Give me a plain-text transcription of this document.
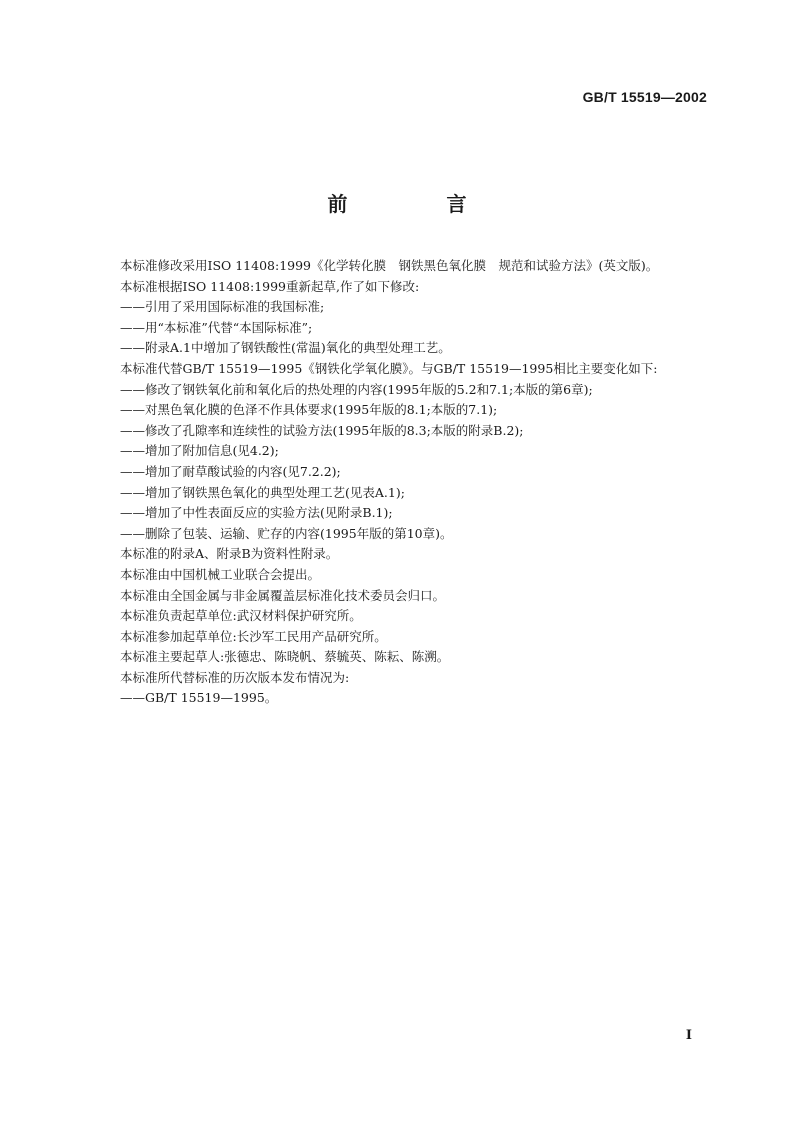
GB/T 15519—2002
前 言
本标准修改采用ISO 11408:1999《化学转化膜　钢铁黑色氧化膜　规范和试验方法》(英文版)。
本标准根据ISO 11408:1999重新起草,作了如下修改:
——引用了采用国际标准的我国标准;
——用“本标准”代替“本国际标准”;
——附录A.1中增加了钢铁酸性(常温)氧化的典型处理工艺。
本标准代替GB/T 15519—1995《钢铁化学氧化膜》。与GB/T 15519—1995相比主要变化如下:
——修改了钢铁氧化前和氧化后的热处理的内容(1995年版的5.2和7.1;本版的第6章);
——对黑色氧化膜的色泽不作具体要求(1995年版的8.1;本版的7.1);
——修改了孔隙率和连续性的试验方法(1995年版的8.3;本版的附录B.2);
——增加了附加信息(见4.2);
——增加了耐草酸试验的内容(见7.2.2);
——增加了钢铁黑色氧化的典型处理工艺(见表A.1);
——增加了中性表面反应的实验方法(见附录B.1);
——删除了包装、运输、贮存的内容(1995年版的第10章)。
本标准的附录A、附录B为资料性附录。
本标准由中国机械工业联合会提出。
本标准由全国金属与非金属覆盖层标准化技术委员会归口。
本标准负责起草单位:武汉材料保护研究所。
本标准参加起草单位:长沙军工民用产品研究所。
本标准主要起草人:张德忠、陈晓帆、蔡毓英、陈耘、陈溯。
本标准所代替标准的历次版本发布情况为:
——GB/T 15519—1995。
Ⅰ
